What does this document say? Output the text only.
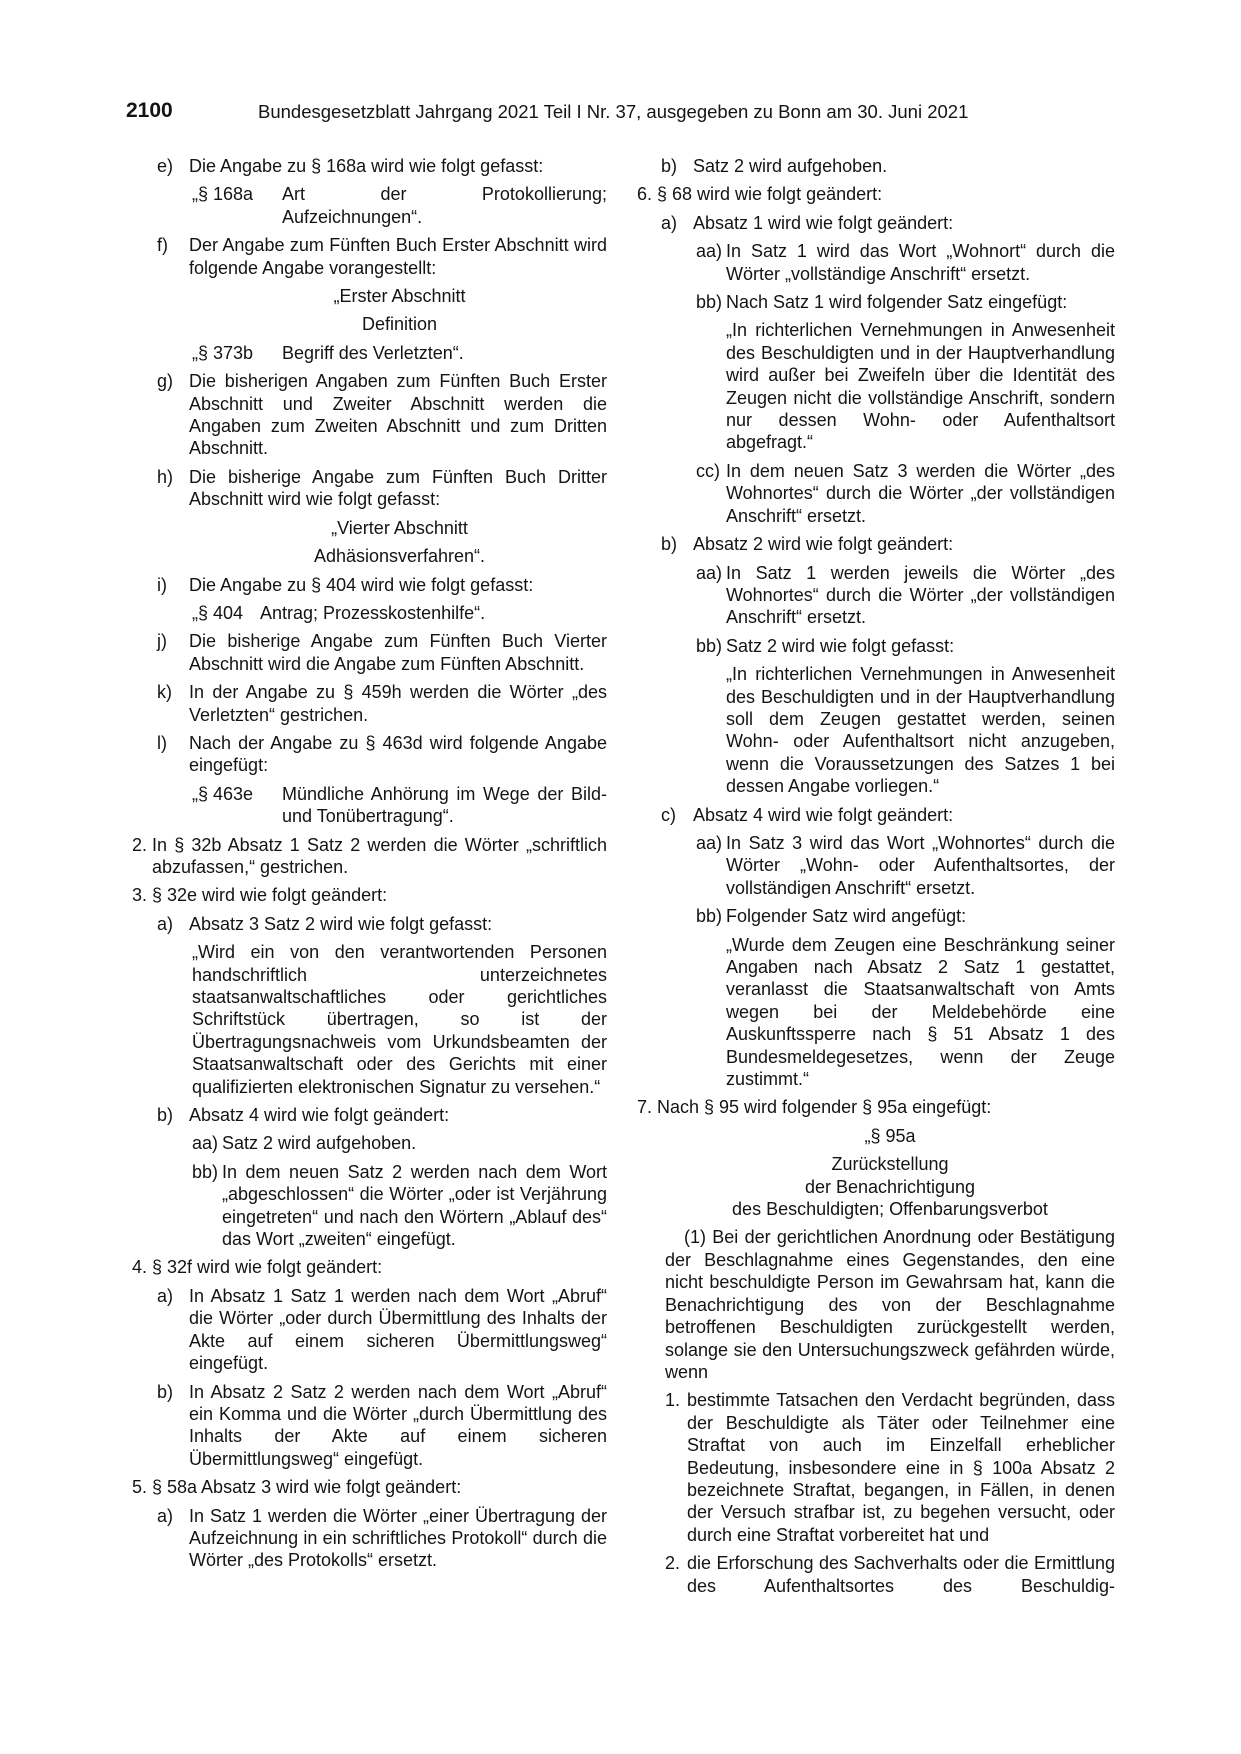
2100	Bundesgesetzblatt Jahrgang 2021 Teil I Nr. 37, ausgegeben zu Bonn am 30. Juni 2021
e) Die Angabe zu § 168a wird wie folgt gefasst:
„§ 168a Art der Protokollierung; Aufzeichnungen“.
f) Der Angabe zum Fünften Buch Erster Abschnitt wird folgende Angabe vorangestellt:
„Erster Abschnitt
Definition
„§ 373b Begriff des Verletzten“.
g) Die bisherigen Angaben zum Fünften Buch Erster Abschnitt und Zweiter Abschnitt werden die Angaben zum Zweiten Abschnitt und zum Dritten Abschnitt.
h) Die bisherige Angabe zum Fünften Buch Dritter Abschnitt wird wie folgt gefasst:
„Vierter Abschnitt
Adhäsionsverfahren“.
i) Die Angabe zu § 404 wird wie folgt gefasst:
„§ 404 Antrag; Prozesskostenhilfe“.
j) Die bisherige Angabe zum Fünften Buch Vierter Abschnitt wird die Angabe zum Fünften Abschnitt.
k) In der Angabe zu § 459h werden die Wörter „des Verletzten“ gestrichen.
l) Nach der Angabe zu § 463d wird folgende Angabe eingefügt:
„§ 463e Mündliche Anhörung im Wege der Bild- und Tonübertragung“.
2. In § 32b Absatz 1 Satz 2 werden die Wörter „schriftlich abzufassen,“ gestrichen.
3. § 32e wird wie folgt geändert:
a) Absatz 3 Satz 2 wird wie folgt gefasst:
„Wird ein von den verantwortenden Personen handschriftlich unterzeichnetes staatsanwaltschaftliches oder gerichtliches Schriftstück übertragen, so ist der Übertragungsnachweis vom Urkundsbeamten der Staatsanwaltschaft oder des Gerichts mit einer qualifizierten elektronischen Signatur zu versehen.“
b) Absatz 4 wird wie folgt geändert:
aa) Satz 2 wird aufgehoben.
bb) In dem neuen Satz 2 werden nach dem Wort „abgeschlossen“ die Wörter „oder ist Verjährung eingetreten“ und nach den Wörtern „Ablauf des“ das Wort „zweiten“ eingefügt.
4. § 32f wird wie folgt geändert:
a) In Absatz 1 Satz 1 werden nach dem Wort „Abruf“ die Wörter „oder durch Übermittlung des Inhalts der Akte auf einem sicheren Übermittlungsweg“ eingefügt.
b) In Absatz 2 Satz 2 werden nach dem Wort „Abruf“ ein Komma und die Wörter „durch Übermittlung des Inhalts der Akte auf einem sicheren Übermittlungsweg“ eingefügt.
5. § 58a Absatz 3 wird wie folgt geändert:
a) In Satz 1 werden die Wörter „einer Übertragung der Aufzeichnung in ein schriftliches Protokoll“ durch die Wörter „des Protokolls“ ersetzt.
b) Satz 2 wird aufgehoben.
6. § 68 wird wie folgt geändert:
a) Absatz 1 wird wie folgt geändert:
aa) In Satz 1 wird das Wort „Wohnort“ durch die Wörter „vollständige Anschrift“ ersetzt.
bb) Nach Satz 1 wird folgender Satz eingefügt:
„In richterlichen Vernehmungen in Anwesenheit des Beschuldigten und in der Hauptverhandlung wird außer bei Zweifeln über die Identität des Zeugen nicht die vollständige Anschrift, sondern nur dessen Wohn- oder Aufenthaltsort abgefragt.“
cc) In dem neuen Satz 3 werden die Wörter „des Wohnortes“ durch die Wörter „der vollständigen Anschrift“ ersetzt.
b) Absatz 2 wird wie folgt geändert:
aa) In Satz 1 werden jeweils die Wörter „des Wohnortes“ durch die Wörter „der vollständigen Anschrift“ ersetzt.
bb) Satz 2 wird wie folgt gefasst:
„In richterlichen Vernehmungen in Anwesenheit des Beschuldigten und in der Hauptverhandlung soll dem Zeugen gestattet werden, seinen Wohn- oder Aufenthaltsort nicht anzugeben, wenn die Voraussetzungen des Satzes 1 bei dessen Angabe vorliegen.“
c) Absatz 4 wird wie folgt geändert:
aa) In Satz 3 wird das Wort „Wohnortes“ durch die Wörter „Wohn- oder Aufenthaltsortes, der vollständigen Anschrift“ ersetzt.
bb) Folgender Satz wird angefügt:
„Wurde dem Zeugen eine Beschränkung seiner Angaben nach Absatz 2 Satz 1 gestattet, veranlasst die Staatsanwaltschaft von Amts wegen bei der Meldebehörde eine Auskunftssperre nach § 51 Absatz 1 des Bundesmeldegesetzes, wenn der Zeuge zustimmt.“
7. Nach § 95 wird folgender § 95a eingefügt:
„§ 95a
Zurückstellung
der Benachrichtigung
des Beschuldigten; Offenbarungsverbot
(1) Bei der gerichtlichen Anordnung oder Bestätigung der Beschlagnahme eines Gegenstandes, den eine nicht beschuldigte Person im Gewahrsam hat, kann die Benachrichtigung des von der Beschlagnahme betroffenen Beschuldigten zurückgestellt werden, solange sie den Untersuchungszweck gefährden würde, wenn
1. bestimmte Tatsachen den Verdacht begründen, dass der Beschuldigte als Täter oder Teilnehmer eine Straftat von auch im Einzelfall erheblicher Bedeutung, insbesondere eine in § 100a Absatz 2 bezeichnete Straftat, begangen, in Fällen, in denen der Versuch strafbar ist, zu begehen versucht, oder durch eine Straftat vorbereitet hat und
2. die Erforschung des Sachverhalts oder die Ermittlung des Aufenthaltsortes des Beschuldig-
